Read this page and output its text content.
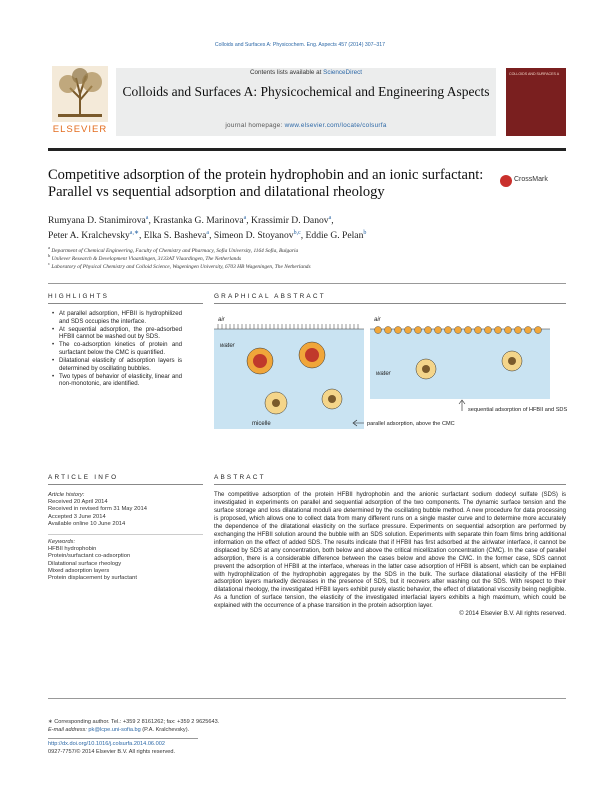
Colloids and Surfaces A: Physicochem. Eng. Aspects 457 (2014) 307–317
ELSEVIER
Contents lists available at ScienceDirect
Colloids and Surfaces A: Physicochemical and Engineering Aspects
journal homepage: www.elsevier.com/locate/colsurfa
COLLOIDS AND SURFACES A
Competitive adsorption of the protein hydrophobin and an ionic surfactant: Parallel vs sequential adsorption and dilatational rheology
CrossMark
Rumyana D. Stanimirova$^a$, Krastanka G. Marinova$^a$, Krassimir D. Danov$^a$,
Peter A. Kralchevsky$^{a,∗}$, Elka S. Basheva$^a$, Simeon D. Stoyanov$^{b,c}$, Eddie G. Pelan$^b$
$^a$ Department of Chemical Engineering, Faculty of Chemistry and Pharmacy, Sofia University, 1164 Sofia, Bulgaria
$^b$ Unilever Research & Development Vlaardingen, 3133AT Vlaardingen, The Netherlands
$^c$ Laboratory of Physical Chemistry and Colloid Science, Wageningen University, 6703 HB Wageningen, The Netherlands
HIGHLIGHTS
• At parallel adsorption, HFBII is hydrophilized and SDS occupies the interface.
• At sequential adsorption, the pre-adsorbed HFBII cannot be washed out by SDS.
• The co-adsorption kinetics of protein and surfactant below the CMC is quantified.
• Dilatational elasticity of adsorption layers is determined by oscillating bubbles.
• Two types of behavior of elasticity, linear and non-monotonic, are identified.
GRAPHICAL ABSTRACT
air
water
micelle
air
water
sequential adsorption of HFBII and SDS
parallel adsorption, above the CMC
ARTICLE INFO
Article history:
Received 20 April 2014
Received in revised form 31 May 2014
Accepted 3 June 2014
Available online 10 June 2014
Keywords:
HFBII hydrophobin
Protein/surfactant co-adsorption
Dilatational surface rheology
Mixed adsorption layers
Protein displacement by surfactant
ABSTRACT
The competitive adsorption of the protein HFBII hydrophobin and the anionic surfactant sodium dodecyl sulfate (SDS) is investigated in experiments on parallel and sequential adsorption of the two components. The dynamic surface tension and the surface storage and loss dilatational moduli are determined by the oscillating bubble method. A new procedure for data processing is proposed, which allows one to collect data from many different runs on a single master curve and to determine more accurately the dependence of the dilatational elasticity on the surface pressure. Experiments on sequential adsorption are performed by exchanging the HFBII solution around the bubble with an SDS solution. Experiments with separate thin foam films bring additional information on the effect of added SDS. The results indicate that if HFBII has first adsorbed at the air/water interface, it cannot be displaced by SDS at any concentration, both below and above the critical micellization concentration (CMC). In the case of parallel adsorption, there is a considerable difference between the cases below and above the CMC. In the former case, SDS cannot prevent the adsorption of HFBII at the interface, whereas in the latter case adsorption of HFBII is absent, which can be explained with hydrophilization of the hydrophobin aggregates by the SDS in the bulk. The surface dilatational elasticity of the HFBII adsorption layers markedly decreases in the presence of SDS, but it recovers after washing out the SDS. With respect to their dilatational rheology, the investigated HFBII layers exhibit purely elastic behavior, the effect of dilatational viscosity being negligible. As a function of surface tension, the elasticity of the investigated interfacial layers exhibits a high maximum, which could be explained with the occurrence of a phase transition in the protein adsorption layer.
© 2014 Elsevier B.V. All rights reserved.
∗ Corresponding author. Tel.: +359 2 8161262; fax: +359 2 9625643.
E-mail address: pk@lcpe.uni-sofia.bg (P.A. Kralchevsky).
http://dx.doi.org/10.1016/j.colsurfa.2014.06.002
0927-7757/© 2014 Elsevier B.V. All rights reserved.
